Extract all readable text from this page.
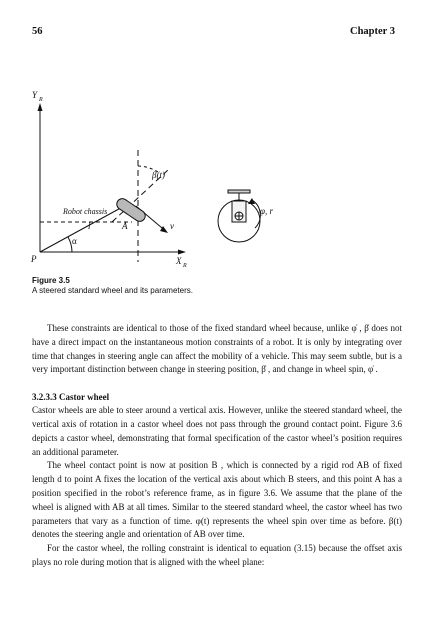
56	Chapter 3
Y R
X R
P
Robot chassis
l	A
α
β(t)
v
φ, r
Figure 3.5
A steered standard wheel and its parameters.

These constraints are identical to those of the fixed standard wheel because, unlike φ̇ , β̇ does not have a direct impact on the instantaneous motion constraints of a robot. It is only by integrating over time that changes in steering angle can affect the mobility of a vehicle. This may seem subtle, but is a very important distinction between change in steering position, β̇ , and change in wheel spin, φ̇ .

3.2.3.3 Castor wheel

Castor wheels are able to steer around a vertical axis. However, unlike the steered standard wheel, the vertical axis of rotation in a castor wheel does not pass through the ground contact point. Figure 3.6 depicts a castor wheel, demonstrating that formal specification of the castor wheel’s position requires an additional parameter.

The wheel contact point is now at position B , which is connected by a rigid rod AB of fixed length d to point A fixes the location of the vertical axis about which B steers, and this point A has a position specified in the robot’s reference frame, as in figure 3.6. We assume that the plane of the wheel is aligned with AB at all times. Similar to the steered standard wheel, the castor wheel has two parameters that vary as a function of time. φ(t) represents the wheel spin over time as before. β(t) denotes the steering angle and orientation of AB over time.

For the castor wheel, the rolling constraint is identical to equation (3.15) because the offset axis plays no role during motion that is aligned with the wheel plane:
